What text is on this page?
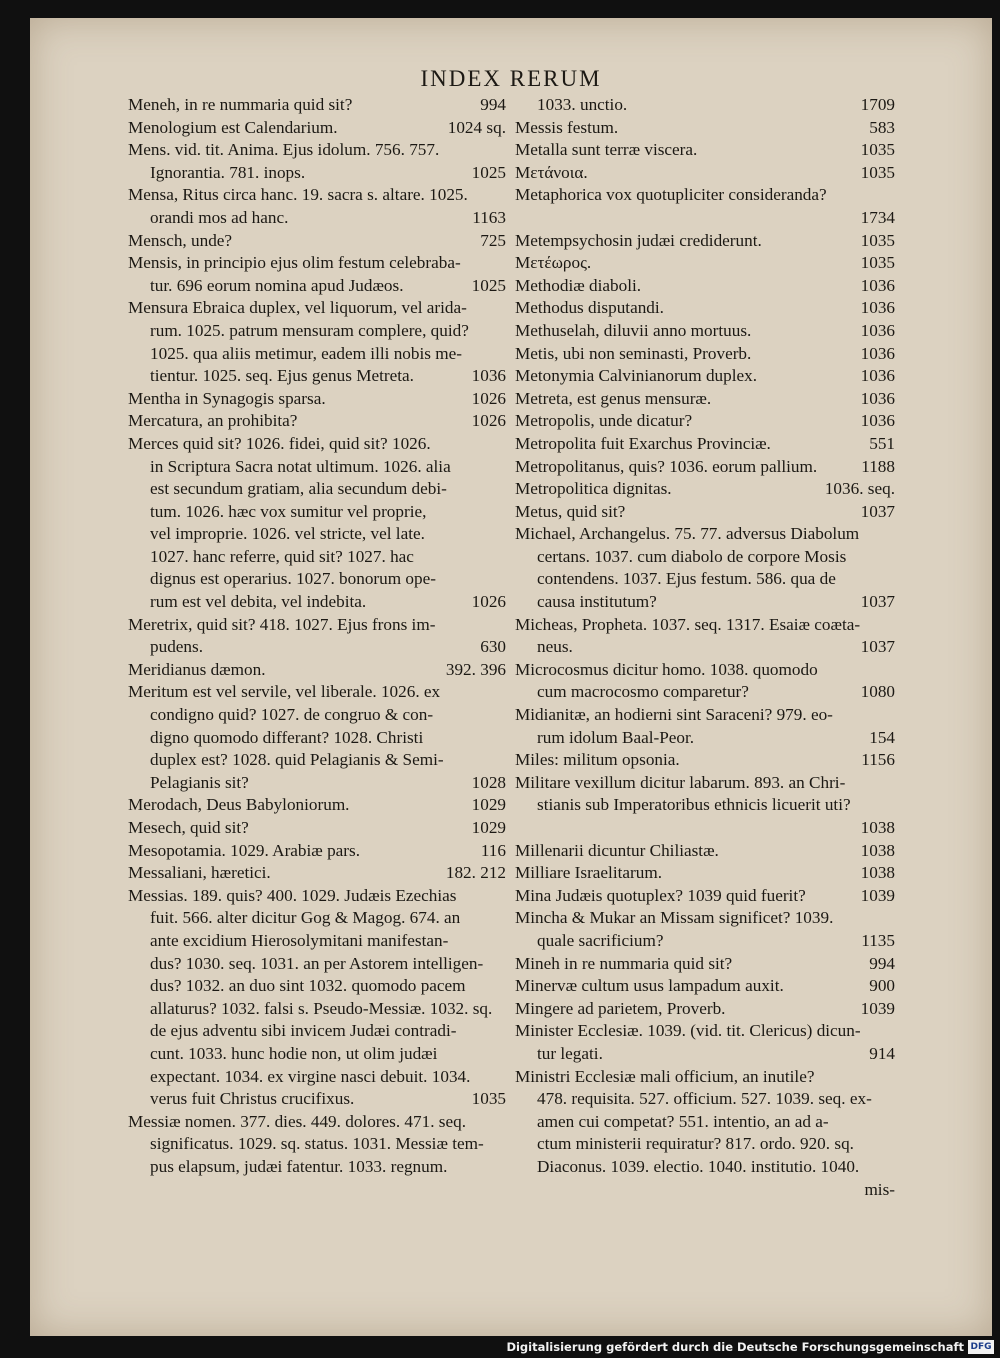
INDEX RERUM
Meneh, in re nummaria quid sit?	994
Menologium est Calendarium.	1024 sq.
Mens. vid. tit. Anima. Ejus idolum. 756. 757.
Ignorantia. 781. inops.	1025
Mensa, Ritus circa hanc. 19. sacra s. altare. 1025.
orandi mos ad hanc.	1163
Mensch, unde?	725
Mensis, in principio ejus olim festum celebraba-
tur. 696 eorum nomina apud Judæos.	1025
Mensura Ebraica duplex, vel liquorum, vel arida-
rum. 1025. patrum mensuram complere, quid?
1025. qua aliis metimur, eadem illi nobis me-
tientur. 1025. seq. Ejus genus Metreta.	1036
Mentha in Synagogis sparsa.	1026
Mercatura, an prohibita?	1026
Merces quid sit? 1026. fidei, quid sit? 1026.
in Scriptura Sacra notat ultimum. 1026. alia
est secundum gratiam, alia secundum debi-
tum. 1026. hæc vox sumitur vel proprie,
vel improprie. 1026. vel stricte, vel late.
1027. hanc referre, quid sit? 1027. hac
dignus est operarius. 1027. bonorum ope-
rum est vel debita, vel indebita.	1026
Meretrix, quid sit? 418. 1027. Ejus frons im-
pudens.	630
Meridianus dæmon.	392. 396
Meritum est vel servile, vel liberale. 1026. ex
condigno quid? 1027. de congruo & con-
digno quomodo differant? 1028. Christi
duplex est? 1028. quid Pelagianis & Semi-
Pelagianis sit?	1028
Merodach, Deus Babyloniorum.	1029
Mesech, quid sit?	1029
Mesopotamia. 1029. Arabiæ pars.	116
Messaliani, hæretici.	182. 212
Messias. 189. quis? 400. 1029. Judæis Ezechias
fuit. 566. alter dicitur Gog & Magog. 674. an
ante excidium Hierosolymitani manifestan-
dus? 1030. seq. 1031. an per Astorem intelligen-
dus? 1032. an duo sint 1032. quomodo pacem
allaturus? 1032. falsi s. Pseudo-Messiæ. 1032. sq.
de ejus adventu sibi invicem Judæi contradi-
cunt. 1033. hunc hodie non, ut olim judæi
expectant. 1034. ex virgine nasci debuit. 1034.
verus fuit Christus crucifixus.	1035
Messiæ nomen. 377. dies. 449. dolores. 471. seq.
significatus. 1029. sq. status. 1031. Messiæ tem-
pus elapsum, judæi fatentur. 1033. regnum.
1033. unctio.	1709
Messis festum.	583
Metalla sunt terræ viscera.	1035
Μετάνοια.	1035
Metaphorica vox quotupliciter consideranda?
1734
Metempsychosin judæi crediderunt.	1035
Μετέωρος.	1035
Methodiæ diaboli.	1036
Methodus disputandi.	1036
Methuselah, diluvii anno mortuus.	1036
Metis, ubi non seminasti, Proverb.	1036
Metonymia Calvinianorum duplex.	1036
Metreta, est genus mensuræ.	1036
Metropolis, unde dicatur?	1036
Metropolita fuit Exarchus Provinciæ.	551
Metropolitanus, quis? 1036. eorum pallium.	1188
Metropolitica dignitas.	1036. seq.
Metus, quid sit?	1037
Michael, Archangelus. 75. 77. adversus Diabolum
certans. 1037. cum diabolo de corpore Mosis
contendens. 1037. Ejus festum. 586. qua de
causa institutum?	1037
Micheas, Propheta. 1037. seq. 1317. Esaiæ coæta-
neus.	1037
Microcosmus dicitur homo. 1038. quomodo
cum macrocosmo comparetur?	1080
Midianitæ, an hodierni sint Saraceni? 979. eo-
rum idolum Baal-Peor.	154
Miles: militum opsonia.	1156
Militare vexillum dicitur labarum. 893. an Chri-
stianis sub Imperatoribus ethnicis licuerit uti?
1038
Millenarii dicuntur Chiliastæ.	1038
Milliare Israelitarum.	1038
Mina Judæis quotuplex? 1039 quid fuerit?	1039
Mincha & Mukar an Missam significet? 1039.
quale sacrificium?	1135
Mineh in re nummaria quid sit?	994
Minervæ cultum usus lampadum auxit.	900
Mingere ad parietem, Proverb.	1039
Minister Ecclesiæ. 1039. (vid. tit. Clericus) dicun-
tur legati.	914
Ministri Ecclesiæ mali officium, an inutile?
478. requisita. 527. officium. 527. 1039. seq. ex-
amen cui competat? 551. intentio, an ad a-
ctum ministerii requiratur? 817. ordo. 920. sq.
Diaconus. 1039. electio. 1040. institutio. 1040.
mis-
Digitalisierung gefördert durch die Deutsche Forschungsgemeinschaft DFG
